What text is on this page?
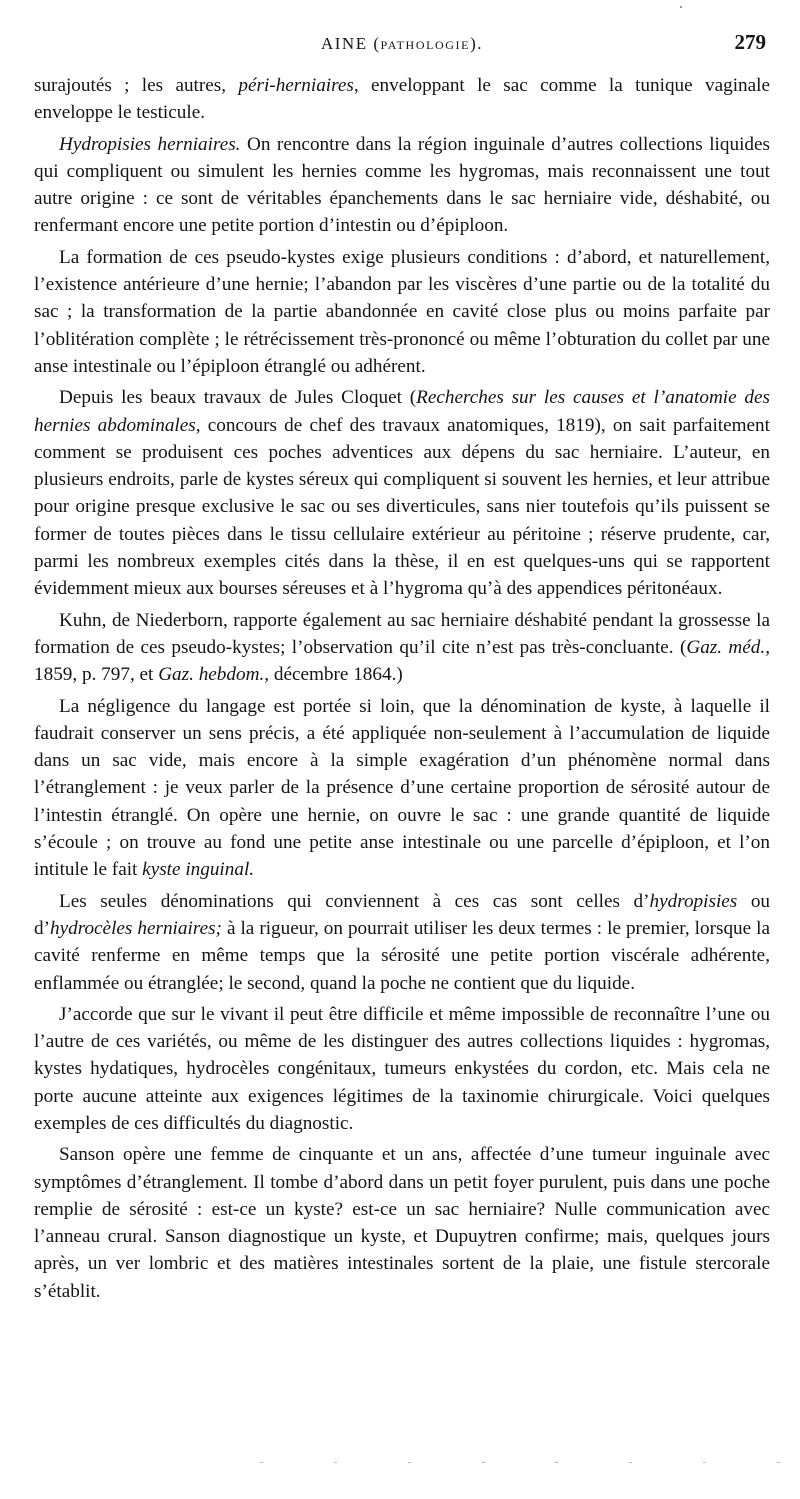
AINE (PATHOLOGIE).	279

surajoutés ; les autres, péri-herniaires, enveloppant le sac comme la tunique vaginale enveloppe le testicule.

Hydropisies herniaires. On rencontre dans la région inguinale d’autres collections liquides qui compliquent ou simulent les hernies comme les hygromas, mais reconnaissent une tout autre origine : ce sont de véritables épanchements dans le sac herniaire vide, déshabité, ou renfermant encore une petite portion d’intestin ou d’épiploon.

La formation de ces pseudo-kystes exige plusieurs conditions : d’abord, et naturellement, l’existence antérieure d’une hernie; l’abandon par les viscères d’une partie ou de la totalité du sac ; la transformation de la partie abandonnée en cavité close plus ou moins parfaite par l’oblitération complète ; le rétrécissement très-prononcé ou même l’obturation du collet par une anse intestinale ou l’épiploon étranglé ou adhérent.

Depuis les beaux travaux de Jules Cloquet (Recherches sur les causes et l’anatomie des hernies abdominales, concours de chef des travaux anatomiques, 1819), on sait parfaitement comment se produisent ces poches adventices aux dépens du sac herniaire. L’auteur, en plusieurs endroits, parle de kystes séreux qui compliquent si souvent les hernies, et leur attribue pour origine presque exclusive le sac ou ses diverticules, sans nier toutefois qu’ils puissent se former de toutes pièces dans le tissu cellulaire extérieur au péritoine ; réserve prudente, car, parmi les nombreux exemples cités dans la thèse, il en est quelques-uns qui se rapportent évidemment mieux aux bourses séreuses et à l’hygroma qu’à des appendices péritonéaux.

Kuhn, de Niederborn, rapporte également au sac herniaire déshabité pendant la grossesse la formation de ces pseudo-kystes; l’observation qu’il cite n’est pas très-concluante. (Gaz. méd., 1859, p. 797, et Gaz. hebdom., décembre 1864.)

La négligence du langage est portée si loin, que la dénomination de kyste, à laquelle il faudrait conserver un sens précis, a été appliquée non-seulement à l’accumulation de liquide dans un sac vide, mais encore à la simple exagération d’un phénomène normal dans l’étranglement : je veux parler de la présence d’une certaine proportion de sérosité autour de l’intestin étranglé. On opère une hernie, on ouvre le sac : une grande quantité de liquide s’écoule ; on trouve au fond une petite anse intestinale ou une parcelle d’épiploon, et l’on intitule le fait kyste inguinal.

Les seules dénominations qui conviennent à ces cas sont celles d’hydropisies ou d’hydrocèles herniaires; à la rigueur, on pourrait utiliser les deux termes : le premier, lorsque la cavité renferme en même temps que la sérosité une petite portion viscérale adhérente, enflammée ou étranglée; le second, quand la poche ne contient que du liquide.

J’accorde que sur le vivant il peut être difficile et même impossible de reconnaître l’une ou l’autre de ces variétés, ou même de les distinguer des autres collections liquides : hygromas, kystes hydatiques, hydrocèles congénitaux, tumeurs enkystées du cordon, etc. Mais cela ne porte aucune atteinte aux exigences légitimes de la taxinomie chirurgicale. Voici quelques exemples de ces difficultés du diagnostic.

Sanson opère une femme de cinquante et un ans, affectée d’une tumeur inguinale avec symptômes d’étranglement. Il tombe d’abord dans un petit foyer purulent, puis dans une poche remplie de sérosité : est-ce un kyste? est-ce un sac herniaire? Nulle communication avec l’anneau crural. Sanson diagnostique un kyste, et Dupuytren confirme; mais, quelques jours après, un ver lombric et des matières intestinales sortent de la plaie, une fistule stercorale s’établit.
